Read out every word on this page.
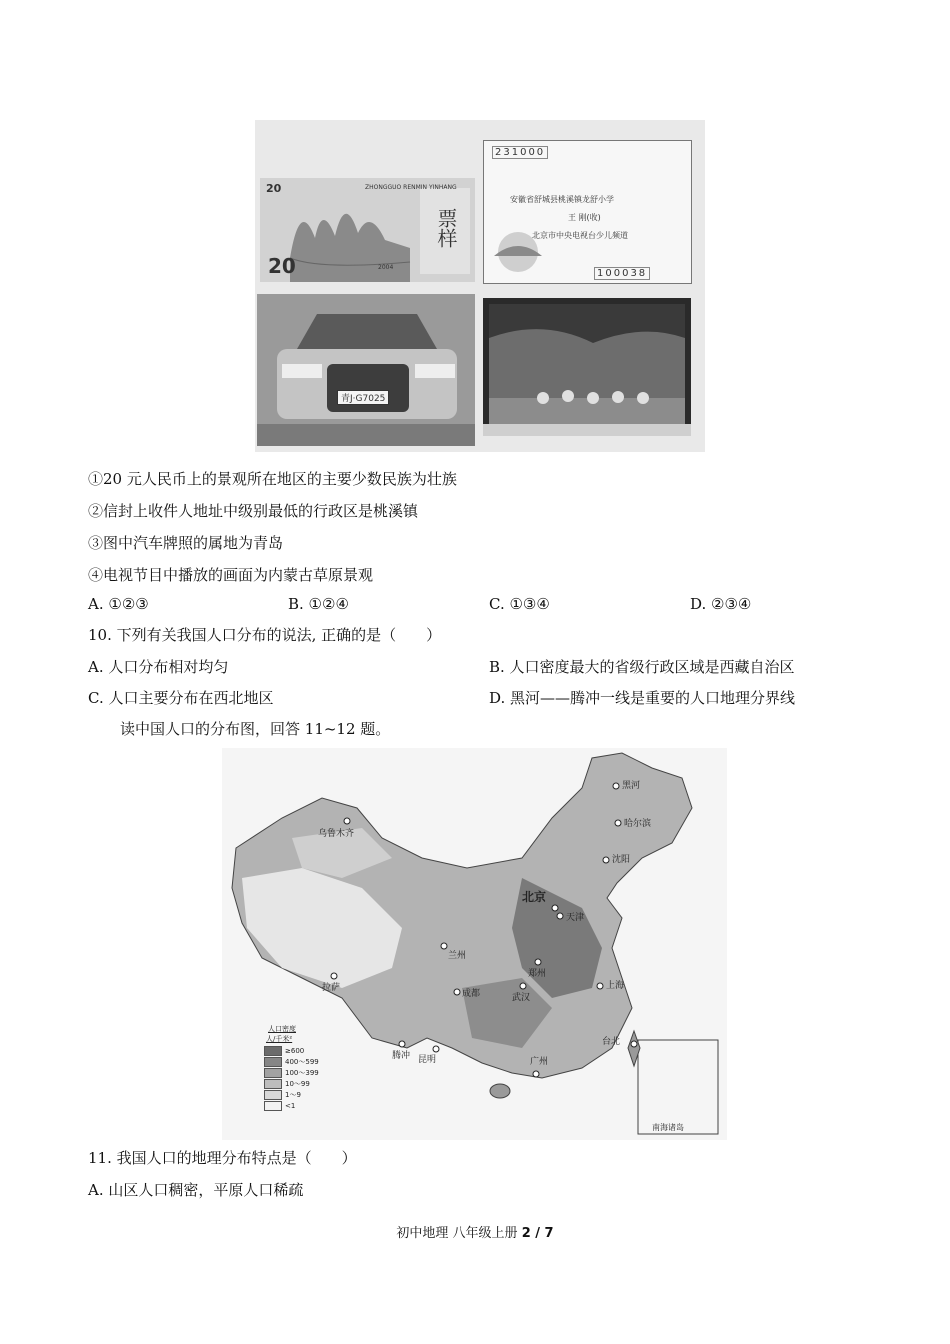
20
20
ZHONGGUO RENMIN YINHANG
票样
2004
231000
安徽省舒城县桃溪镇龙舒小学
王 刚(收)
北京市中央电视台少儿频道
100038
青J·G7025
①20 元人民币上的景观所在地区的主要少数民族为壮族
②信封上收件人地址中级别最低的行政区是桃溪镇
③图中汽车牌照的属地为青岛
④电视节目中播放的画面为内蒙古草原景观
A. ①②③	B. ①②④	C. ①③④	D. ②③④
10. 下列有关我国人口分布的说法, 正确的是（　　）
A. 人口分布相对均匀	B. 人口密度最大的省级行政区域是西藏自治区
C. 人口主要分布在西北地区	D. 黑河——腾冲一线是重要的人口地理分界线
读中国人口的分布图，回答 11~12 题。
黑河
哈尔滨
乌鲁木齐
沈阳
北京
天津
兰州
郑州
拉萨
成都	武汉
上海
腾冲 昆明	广州
台北
人口密度
人/千米²
≥600
400～599
100～399
10～99
1～9
<1
南海诸岛
11. 我国人口的地理分布特点是（　　）
A. 山区人口稠密，平原人口稀疏
初中地理 八年级上册 2 / 7
